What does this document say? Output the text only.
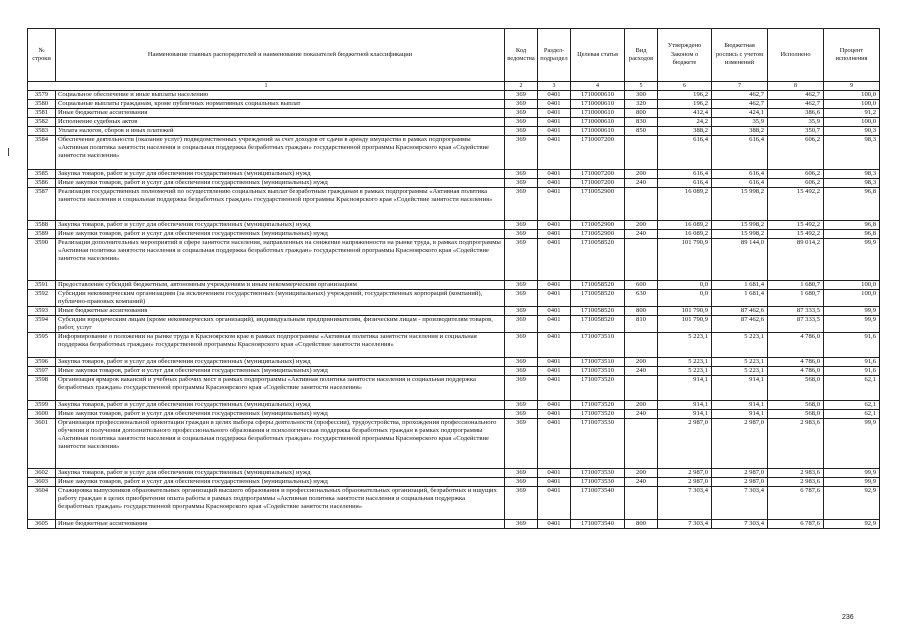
№ строки	Наименование главных распорядителей и наименование показателей бюджетной классификации	Код ведомства	Раздел-подраздел	Целевая статья	Вид расходов	Утверждено Законом о бюджете	Бюджетная роспись с учетом изменений	Исполнено	Процент исполнения
1		2	3	4	5	6	7	8	9
3579	Социальное обеспечение и иные выплаты населению	369	0401	1710000610	300	196,2	462,7	462,7	100,0
3580	Социальные выплаты гражданам, кроме публичных нормативных социальных выплат	369	0401	1710000610	320	196,2	462,7	462,7	100,0
3581	Иные бюджетные ассигнования	369	0401	1710000610	800	412,4	424,1	386,6	91,2
3582	Исполнение судебных актов	369	0401	1710000610	830	24,2	35,9	35,9	100,0
3583	Уплата налогов, сборов и иных платежей	369	0401	1710000610	850	388,2	388,2	350,7	90,3
3584	Обеспечение деятельности (оказание услуг) подведомственных учреждений за счет доходов от сдачи в аренду имущества в рамках подпрограммы «Активная политика занятости населения и социальная поддержка безработных граждан» государственной программы Красноярского края «Содействие занятости населения»	369	0401	1710007200		616,4	616,4	606,2	98,3
3585	Закупка товаров, работ и услуг для обеспечения государственных (муниципальных) нужд	369	0401	1710007200	200	616,4	616,4	606,2	98,3
3586	Иные закупки товаров, работ и услуг для обеспечения государственных (муниципальных) нужд	369	0401	1710007200	240	616,4	616,4	606,2	98,3
3587	Реализация государственных полномочий по осуществлению социальных выплат безработным гражданам в рамках подпрограммы «Активная политика занятости населения и социальная поддержка безработных граждан» государственной программы Красноярского края «Содействие занятости населения»	369	0401	1710052900		16 089,2	15 998,2	15 492,2	96,8
3588	Закупка товаров, работ и услуг для обеспечения государственных (муниципальных) нужд	369	0401	1710052900	200	16 089,2	15 998,2	15 492,2	96,8
3589	Иные закупки товаров, работ и услуг для обеспечения государственных (муниципальных) нужд	369	0401	1710052900	240	16 089,2	15 998,2	15 492,2	96,8
3590	Реализация дополнительных мероприятий в сфере занятости населения, направленных на снижение напряженности на рынке труда, в рамках подпрограммы «Активная политика занятости населения и социальная поддержка безработных граждан» государственной программы Красноярского края «Содействие занятости населения»	369	0401	1710058520		101 790,9	89 144,0	89 014,2	99,9
3591	Предоставление субсидий бюджетным, автономным учреждениям и иным некоммерческим организациям	369	0401	1710058520	600	0,0	1 681,4	1 680,7	100,0
3592	Субсидии некоммерческим организациям (за исключением государственных (муниципальных) учреждений, государственных корпораций (компаний), публично-правовых компаний)	369	0401	1710058520	630	0,0	1 681,4	1 680,7	100,0
3593	Иные бюджетные ассигнования	369	0401	1710058520	800	101 790,9	87 462,6	87 333,5	99,9
3594	Субсидии юридическим лицам (кроме некоммерческих организаций), индивидуальным предпринимателям, физическим лицам - производителям товаров, работ, услуг	369	0401	1710058520	810	101 790,9	87 462,6	87 333,5	99,9
3595	Информирование о положении на рынке труда в Красноярском крае в рамках подпрограммы «Активная политика занятости населения и социальная поддержка безработных граждан» государственной программы Красноярского края «Содействие занятости населения»	369	0401	1710073510		5 223,1	5 223,1	4 786,0	91,6
3596	Закупка товаров, работ и услуг для обеспечения государственных (муниципальных) нужд	369	0401	1710073510	200	5 223,1	5 223,1	4 786,0	91,6
3597	Иные закупки товаров, работ и услуг для обеспечения государственных (муниципальных) нужд	369	0401	1710073510	240	5 223,1	5 223,1	4 786,0	91,6
3598	Организация ярмарок вакансий и учебных рабочих мест в рамках подпрограммы «Активная политика занятости населения и социальная поддержка безработных граждан» государственной программы Красноярского края «Содействие занятости населения»	369	0401	1710073520		914,1	914,1	568,0	62,1
3599	Закупка товаров, работ и услуг для обеспечения государственных (муниципальных) нужд	369	0401	1710073520	200	914,1	914,1	568,0	62,1
3600	Иные закупки товаров, работ и услуг для обеспечения государственных (муниципальных) нужд	369	0401	1710073520	240	914,1	914,1	568,0	62,1
3601	Организация профессиональной ориентации граждан в целях выбора сферы деятельности (профессии), трудоустройства, прохождения профессионального обучения и получения дополнительного профессионального образования и психологическая поддержка безработных граждан в рамках подпрограммы «Активная политика занятости населения и социальная поддержка безработных граждан» государственной программы Красноярского края «Содействие занятости населения»	369	0401	1710073530		2 987,0	2 987,0	2 983,6	99,9
3602	Закупка товаров, работ и услуг для обеспечения государственных (муниципальных) нужд	369	0401	1710073530	200	2 987,0	2 987,0	2 983,6	99,9
3603	Иные закупки товаров, работ и услуг для обеспечения государственных (муниципальных) нужд	369	0401	1710073530	240	2 987,0	2 987,0	2 983,6	99,9
3604	Стажировка выпускников образовательных организаций высшего образования и профессиональных образовательных организаций, безработных и ищущих работу граждан в целях приобретения опыта работы в рамках подпрограммы «Активная политика занятости населения и социальная поддержка безработных граждан» государственной программы Красноярского края «Содействие занятости населения»	369	0401	1710073540		7 303,4	7 303,4	6 787,6	92,9
3605	Иные бюджетные ассигнования	369	0401	1710073540	800	7 303,4	7 303,4	6 787,6	92,9
236
